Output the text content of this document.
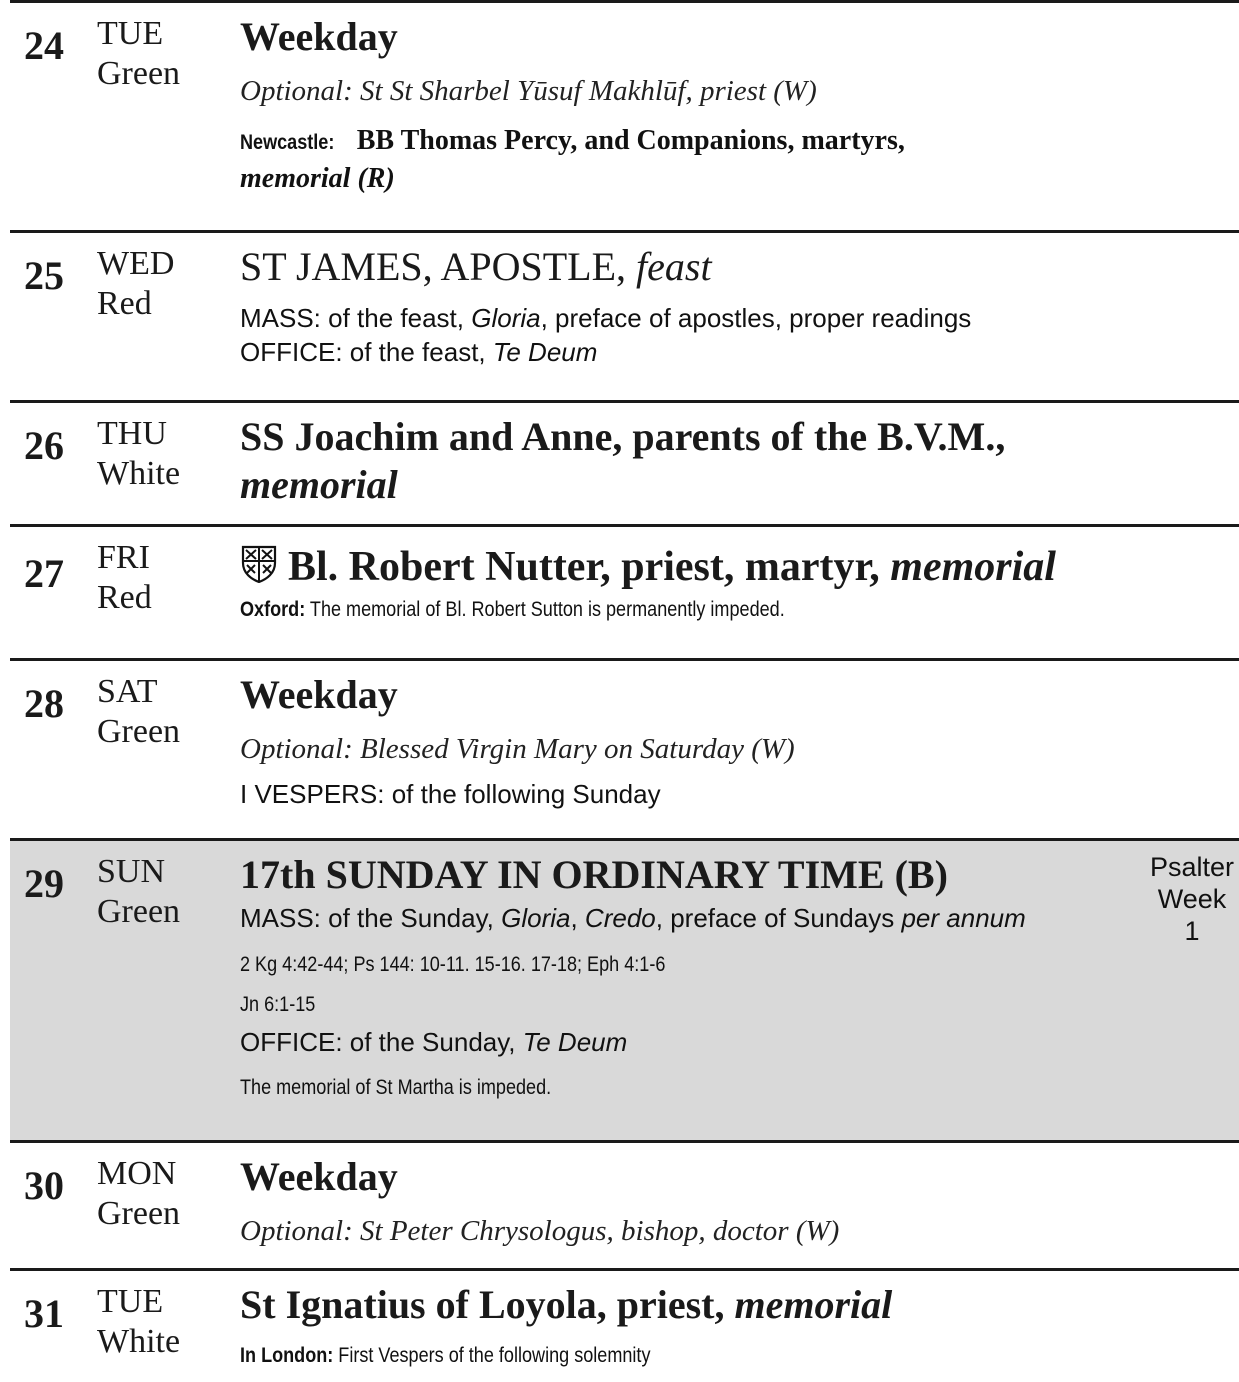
24 TUE
Green
Weekday
Optional: St St Sharbel Yūsuf Makhlūf, priest (W)
Newcastle: BB Thomas Percy, and Companions, martyrs,
memorial (R)
25 WED
Red
ST JAMES, APOSTLE, feast
MASS: of the feast, Gloria, preface of apostles, proper readings
OFFICE: of the feast, Te Deum
26 THU
White
SS Joachim and Anne, parents of the B.V.M.,
memorial
27 FRI
Red
Bl. Robert Nutter, priest, martyr, memorial
Oxford: The memorial of Bl. Robert Sutton is permanently impeded.
28 SAT
Green
Weekday
Optional: Blessed Virgin Mary on Saturday (W)
I VESPERS: of the following Sunday
29 SUN
Green
17th SUNDAY IN ORDINARY TIME (B)
MASS: of the Sunday, Gloria, Credo, preface of Sundays per annum
2 Kg 4:42-44; Ps 144: 10-11. 15-16. 17-18; Eph 4:1-6
Jn 6:1-15
OFFICE: of the Sunday, Te Deum
The memorial of St Martha is impeded.
Psalter
Week
1
30 MON
Green
Weekday
Optional: St Peter Chrysologus, bishop, doctor (W)
31 TUE
White
St Ignatius of Loyola, priest, memorial
In London: First Vespers of the following solemnity
